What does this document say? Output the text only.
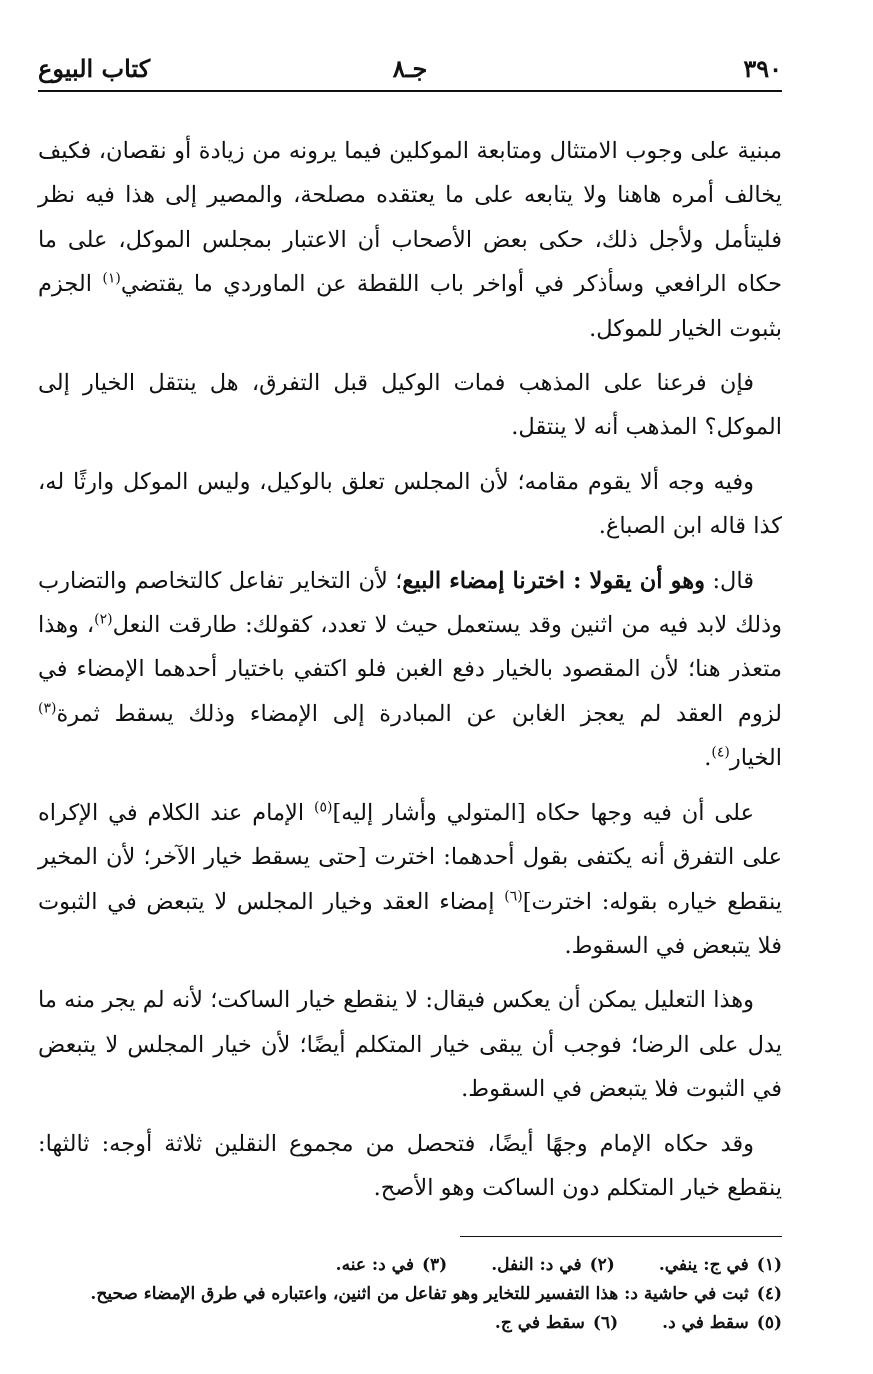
٣٩٠
جـ٨
كتاب البيوع

مبنية على وجوب الامتثال ومتابعة الموكلين فيما يرونه من زيادة أو نقصان، فكيف يخالف أمره هاهنا ولا يتابعه على ما يعتقده مصلحة، والمصير إلى هذا فيه نظر فليتأمل ولأجل ذلك، حكى بعض الأصحاب أن الاعتبار بمجلس الموكل، على ما حكاه الرافعي وسأذكر في أواخر باب اللقطة عن الماوردي ما يقتضي$^{(١)}$ الجزم بثبوت الخيار للموكل.

فإن فرعنا على المذهب فمات الوكيل قبل التفرق، هل ينتقل الخيار إلى الموكل؟ المذهب أنه لا ينتقل.

وفيه وجه ألا يقوم مقامه؛ لأن المجلس تعلق بالوكيل، وليس الموكل وارثًا له، كذا قاله ابن الصباغ.

قال: وهو أن يقولا : اخترنا إمضاء البيع؛ لأن التخاير تفاعل كالتخاصم والتضارب وذلك لابد فيه من اثنين وقد يستعمل حيث لا تعدد، كقولك: طارقت النعل$^{(٢)}$، وهذا متعذر هنا؛ لأن المقصود بالخيار دفع الغبن فلو اكتفي باختيار أحدهما الإمضاء في لزوم العقد لم يعجز الغابن عن المبادرة إلى الإمضاء وذلك يسقط ثمرة$^{(٣)}$ الخيار$^{(٤)}$.

على أن فيه وجها حكاه [المتولي وأشار إليه]$^{(٥)}$ الإمام عند الكلام في الإكراه على التفرق أنه يكتفى بقول أحدهما: اخترت [حتى يسقط خيار الآخر؛ لأن المخير ينقطع خياره بقوله: اخترت]$^{(٦)}$ إمضاء العقد وخيار المجلس لا يتبعض في الثبوت فلا يتبعض في السقوط.

وهذا التعليل يمكن أن يعكس فيقال: لا ينقطع خيار الساكت؛ لأنه لم يجر منه ما يدل على الرضا؛ فوجب أن يبقى خيار المتكلم أيضًا؛ لأن خيار المجلس لا يتبعض في الثبوت فلا يتبعض في السقوط.

وقد حكاه الإمام وجهًا أيضًا، فتحصل من مجموع النقلين ثلاثة أوجه: ثالثها: ينقطع خيار المتكلم دون الساكت وهو الأصح.

(١)في ج: ينفي.
(٢)في د: النفل.
(٣)في د: عنه.
(٤)ثبت في حاشية د: هذا التفسير للتخاير وهو تفاعل من اثنين، واعتباره في طرق الإمضاء صحيح.
(٥)سقط في د.
(٦)سقط في ج.
